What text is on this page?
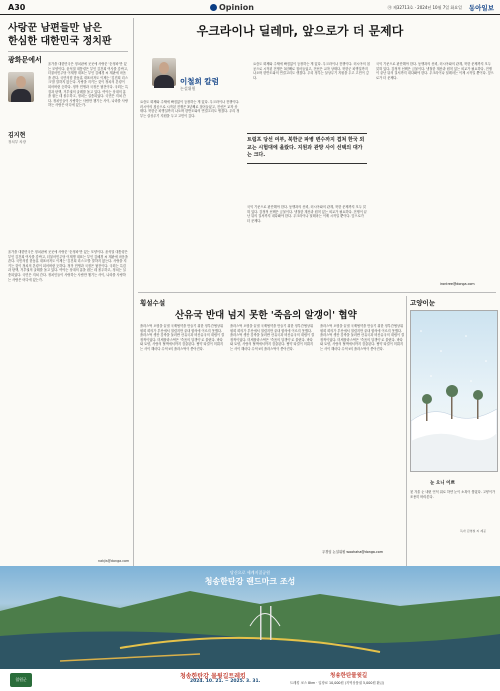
A30	Opinion	㉮ 제32713호 · 2024년 10월 7일 화요일 동아일보
사랑꾼 남편들만 남은
한심한 대한민국 정치판
광화문에서
김지현
정치부 차장
올가을 대한민국은 정치판에 곳곳에 사랑꾼 '순정파'만 있는 모양이다. 윤석열 대통령은 부인 김건희 여사를 감싸고, 더불어민주당 이재명 대표는 부인 김혜경 씨 재판에 마음을 쓴다. 국민의힘 한동훈 대표마저도 이제는 '김건희 리스크'를 말하지 않는다. 사랑을 지키는 것이 정치의 본령이 되어버린 듯하다. 정작 민생과 국정은 뒷전이다. 국회는 특검과 탄핵, 거부권의 굴레를 돌고 있다. 여야는 상대의 흠을 잡는 데 몰두하고, 정치는 실종되었다. 국민은 지쳐 간다. 정치인들이 사랑하는 사람만 챙기는 사이, 나라를 사랑하는 사람은 어디에 있는가.
올가을 대한민국은 정치판에 곳곳에 사랑꾼 '순정파'만 있는 모양이다. 윤석열 대통령은 부인 김건희 여사를 감싸고, 더불어민주당 이재명 대표는 부인 김혜경 씨 재판에 마음을 쓴다. 국민의힘 한동훈 대표마저도 이제는 '김건희 리스크'를 말하지 않는다. 사랑을 지키는 것이 정치의 본령이 되어버린 듯하다. 정작 민생과 국정은 뒷전이다. 국회는 특검과 탄핵, 거부권의 굴레를 돌고 있다. 여야는 상대의 흠을 잡는 데 몰두하고, 정치는 실종되었다. 국민은 지쳐 간다. 정치인들이 사랑하는 사람만 챙기는 사이, 나라를 사랑하는 사람은 어디에 있는가.
nakjis@donga.com
우크라이나 딜레마, 앞으로가 더 문제다
이철희 칼럼
논설위원
요즘도 화제와 주제에 빠짐없이 등장하는 게 있다. 우크라이나 전쟁이다. 러시아의 침공으로 시작된 전쟁은 3년째로 접어들었고, 전선은 교착 상태다. 북한군 파병설까지 나오며 한반도와의 연결고리도 생겼다. 우리 정부는 살상무기 지원을 두고 고민이 깊다.
트럼프 당선 여부, 북한군 파병 변수까지 겹쳐 한국 외교는 시험대에 올랐다. 지원과 관망 사이 선택의 대가는 크다.
국익 기준으로 판단해야 한다. 동맹과의 신뢰, 러시아와의 관계, 북한 문제까지 모두 얽혀 있다. 감정적 선택은 금물이다. 냉철한 계산과 원칙 있는 외교가 필요하다. 전쟁이 끝난 뒤의 질서까지 내다봐야 한다. 우크라이나 딜레마는 이제 시작일 뿐이다. 앞으로가 더 문제다.
요즘도 화제와 주제에 빠짐없이 등장하는 게 있다. 우크라이나 전쟁이다. 러시아의 침공으로 시작된 전쟁은 3년째로 접어들었고, 전선은 교착 상태다. 북한군 파병설까지 나오며 한반도와의 연결고리도 생겼다. 우리 정부는 살상무기 지원을 두고 고민이 깊다.
국익 기준으로 판단해야 한다. 동맹과의 신뢰, 러시아와의 관계, 북한 문제까지 모두 얽혀 있다. 감정적 선택은 금물이다. 냉철한 계산과 원칙 있는 외교가 필요하다. 전쟁이 끝난 뒤의 질서까지 내다봐야 한다. 우크라이나 딜레마는 이제 시작일 뿐이다. 앞으로가 더 문제다.
irontree@donga.com
횡설수설
산유국 반대 넘지 못한 '죽음의 알갱이' 협약
플라스틱 오염을 끝낼 국제협약을 만들기 위한 정부간협상위원회 회의가 부산에서 열렸지만 끝내 합의에 이르지 못했다. 플라스틱 생산 감축을 둘러싼 산유국과 비산유국의 대립이 결정적이었다. 미세플라스틱은 '죽음의 알갱이'로 불린다. 바다와 토양, 사람의 혈액에서까지 검출된다. 협약 타결이 미뤄지는 사이 해마다 수억 t의 플라스틱이 쏟아진다.
플라스틱 오염을 끝낼 국제협약을 만들기 위한 정부간협상위원회 회의가 부산에서 열렸지만 끝내 합의에 이르지 못했다. 플라스틱 생산 감축을 둘러싼 산유국과 비산유국의 대립이 결정적이었다. 미세플라스틱은 '죽음의 알갱이'로 불린다. 바다와 토양, 사람의 혈액에서까지 검출된다. 협약 타결이 미뤄지는 사이 해마다 수억 t의 플라스틱이 쏟아진다.
플라스틱 오염을 끝낼 국제협약을 만들기 위한 정부간협상위원회 회의가 부산에서 열렸지만 끝내 합의에 이르지 못했다. 플라스틱 생산 감축을 둘러싼 산유국과 비산유국의 대립이 결정적이었다. 미세플라스틱은 '죽음의 알갱이'로 불린다. 바다와 토양, 사람의 혈액에서까지 검출된다. 협약 타결이 미뤄지는 사이 해마다 수억 t의 플라스틱이 쏟아진다.
우경임 논설위원 woohaha@donga.com
고양이눈
눈 오니 이쁘
첫 겨울 눈 내린 언덕 위로 하얀 눈이 소복이 쌓였다. 고양이가 조용히 바라본다.
독자 김영철 씨 제공
당신으로 세계지질공원
청송한탄강 랜드마크 조성
철원군	청송한탄강 물윗길트레킹
2024. 10. 21. ~ 2025. 3. 31.
청송한탄물윗길
트레킹 코스 8km · 입장료 10,000원 (지역상품권 5,000원 환급)
